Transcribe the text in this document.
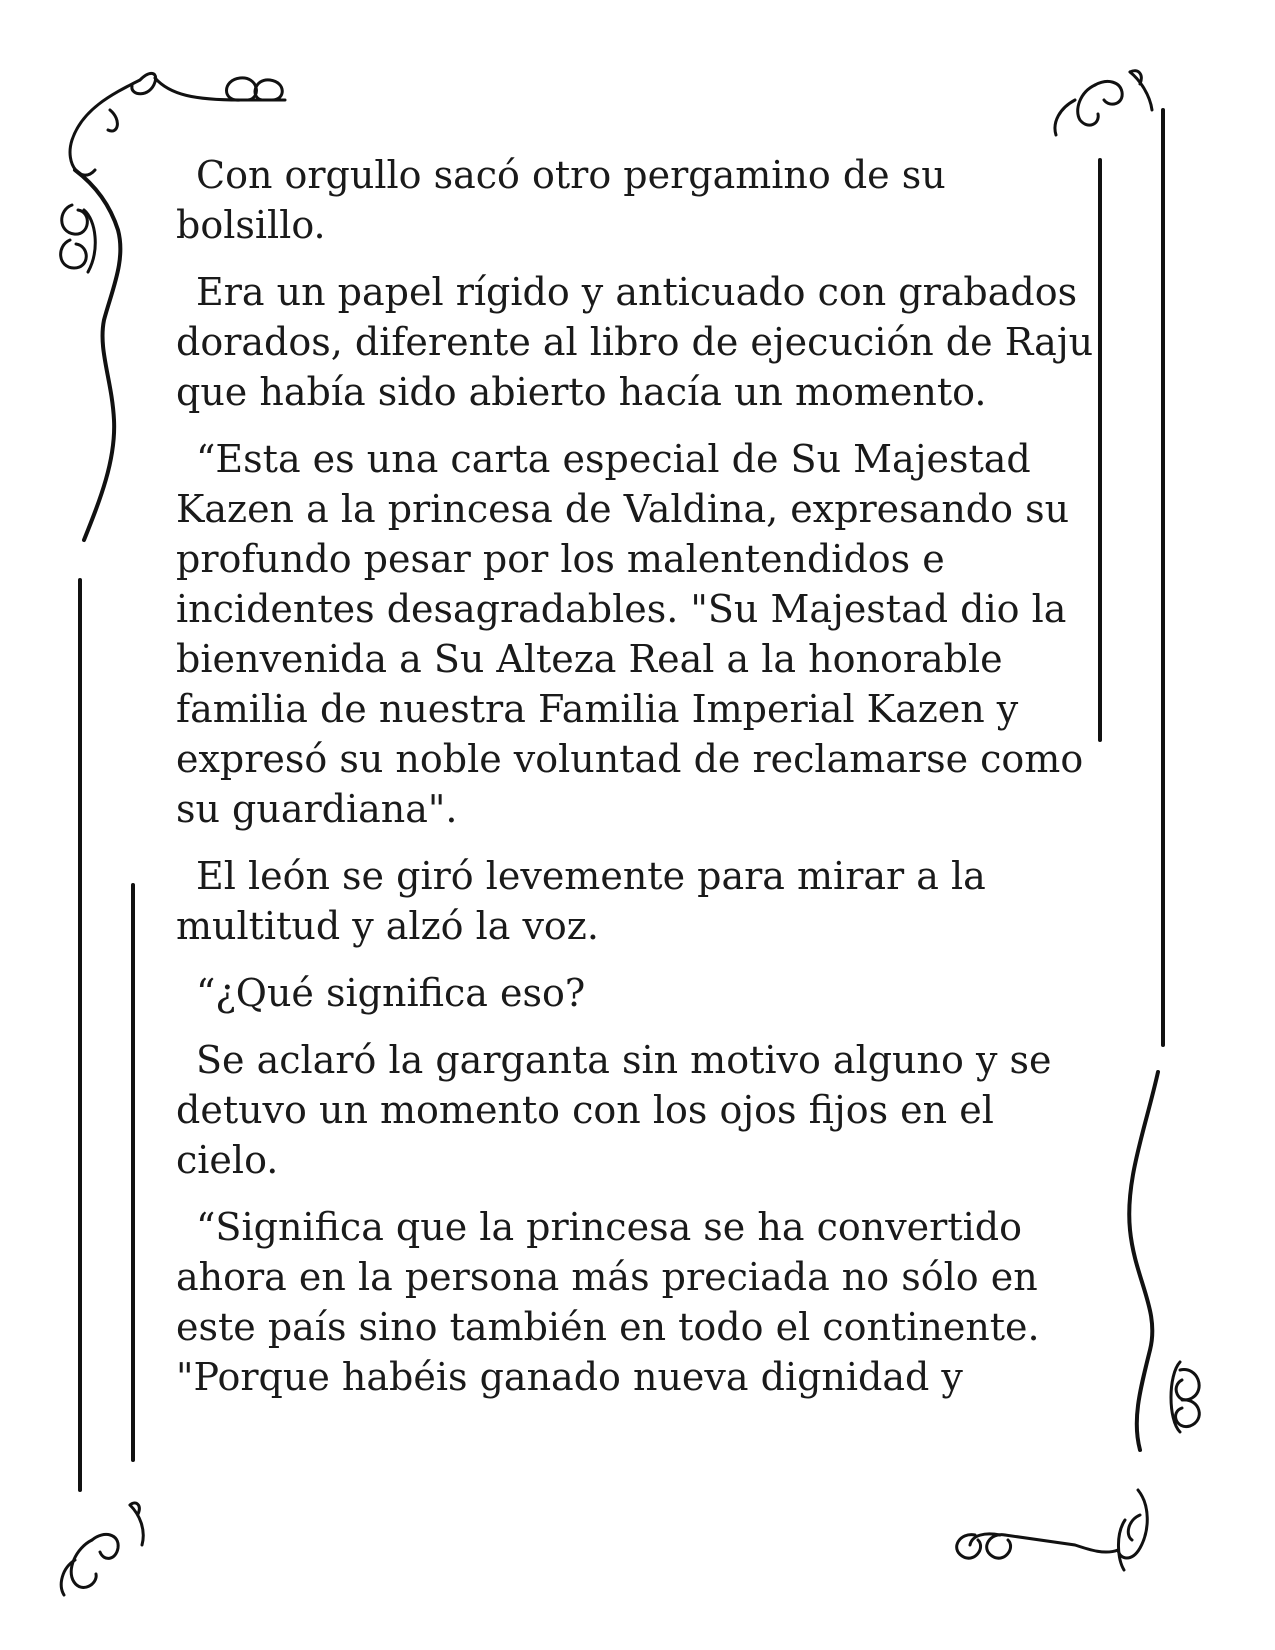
Con orgullo sacó otro pergamino de su bolsillo.

Era un papel rígido y anticuado con grabados dorados, diferente al libro de ejecución de Raju que había sido abierto hacía un momento.

“Esta es una carta especial de Su Majestad Kazen a la princesa de Valdina, expresando su profundo pesar por los malentendidos e incidentes desagradables. "Su Majestad dio la bienvenida a Su Alteza Real a la honorable familia de nuestra Familia Imperial Kazen y expresó su noble voluntad de reclamarse como su guardiana".

El león se giró levemente para mirar a la multitud y alzó la voz.

“¿Qué significa eso?

Se aclaró la garganta sin motivo alguno y se detuvo un momento con los ojos fijos en el cielo.

“Significa que la princesa se ha convertido ahora en la persona más preciada no sólo en este país sino también en todo el continente. "Porque habéis ganado nueva dignidad y
